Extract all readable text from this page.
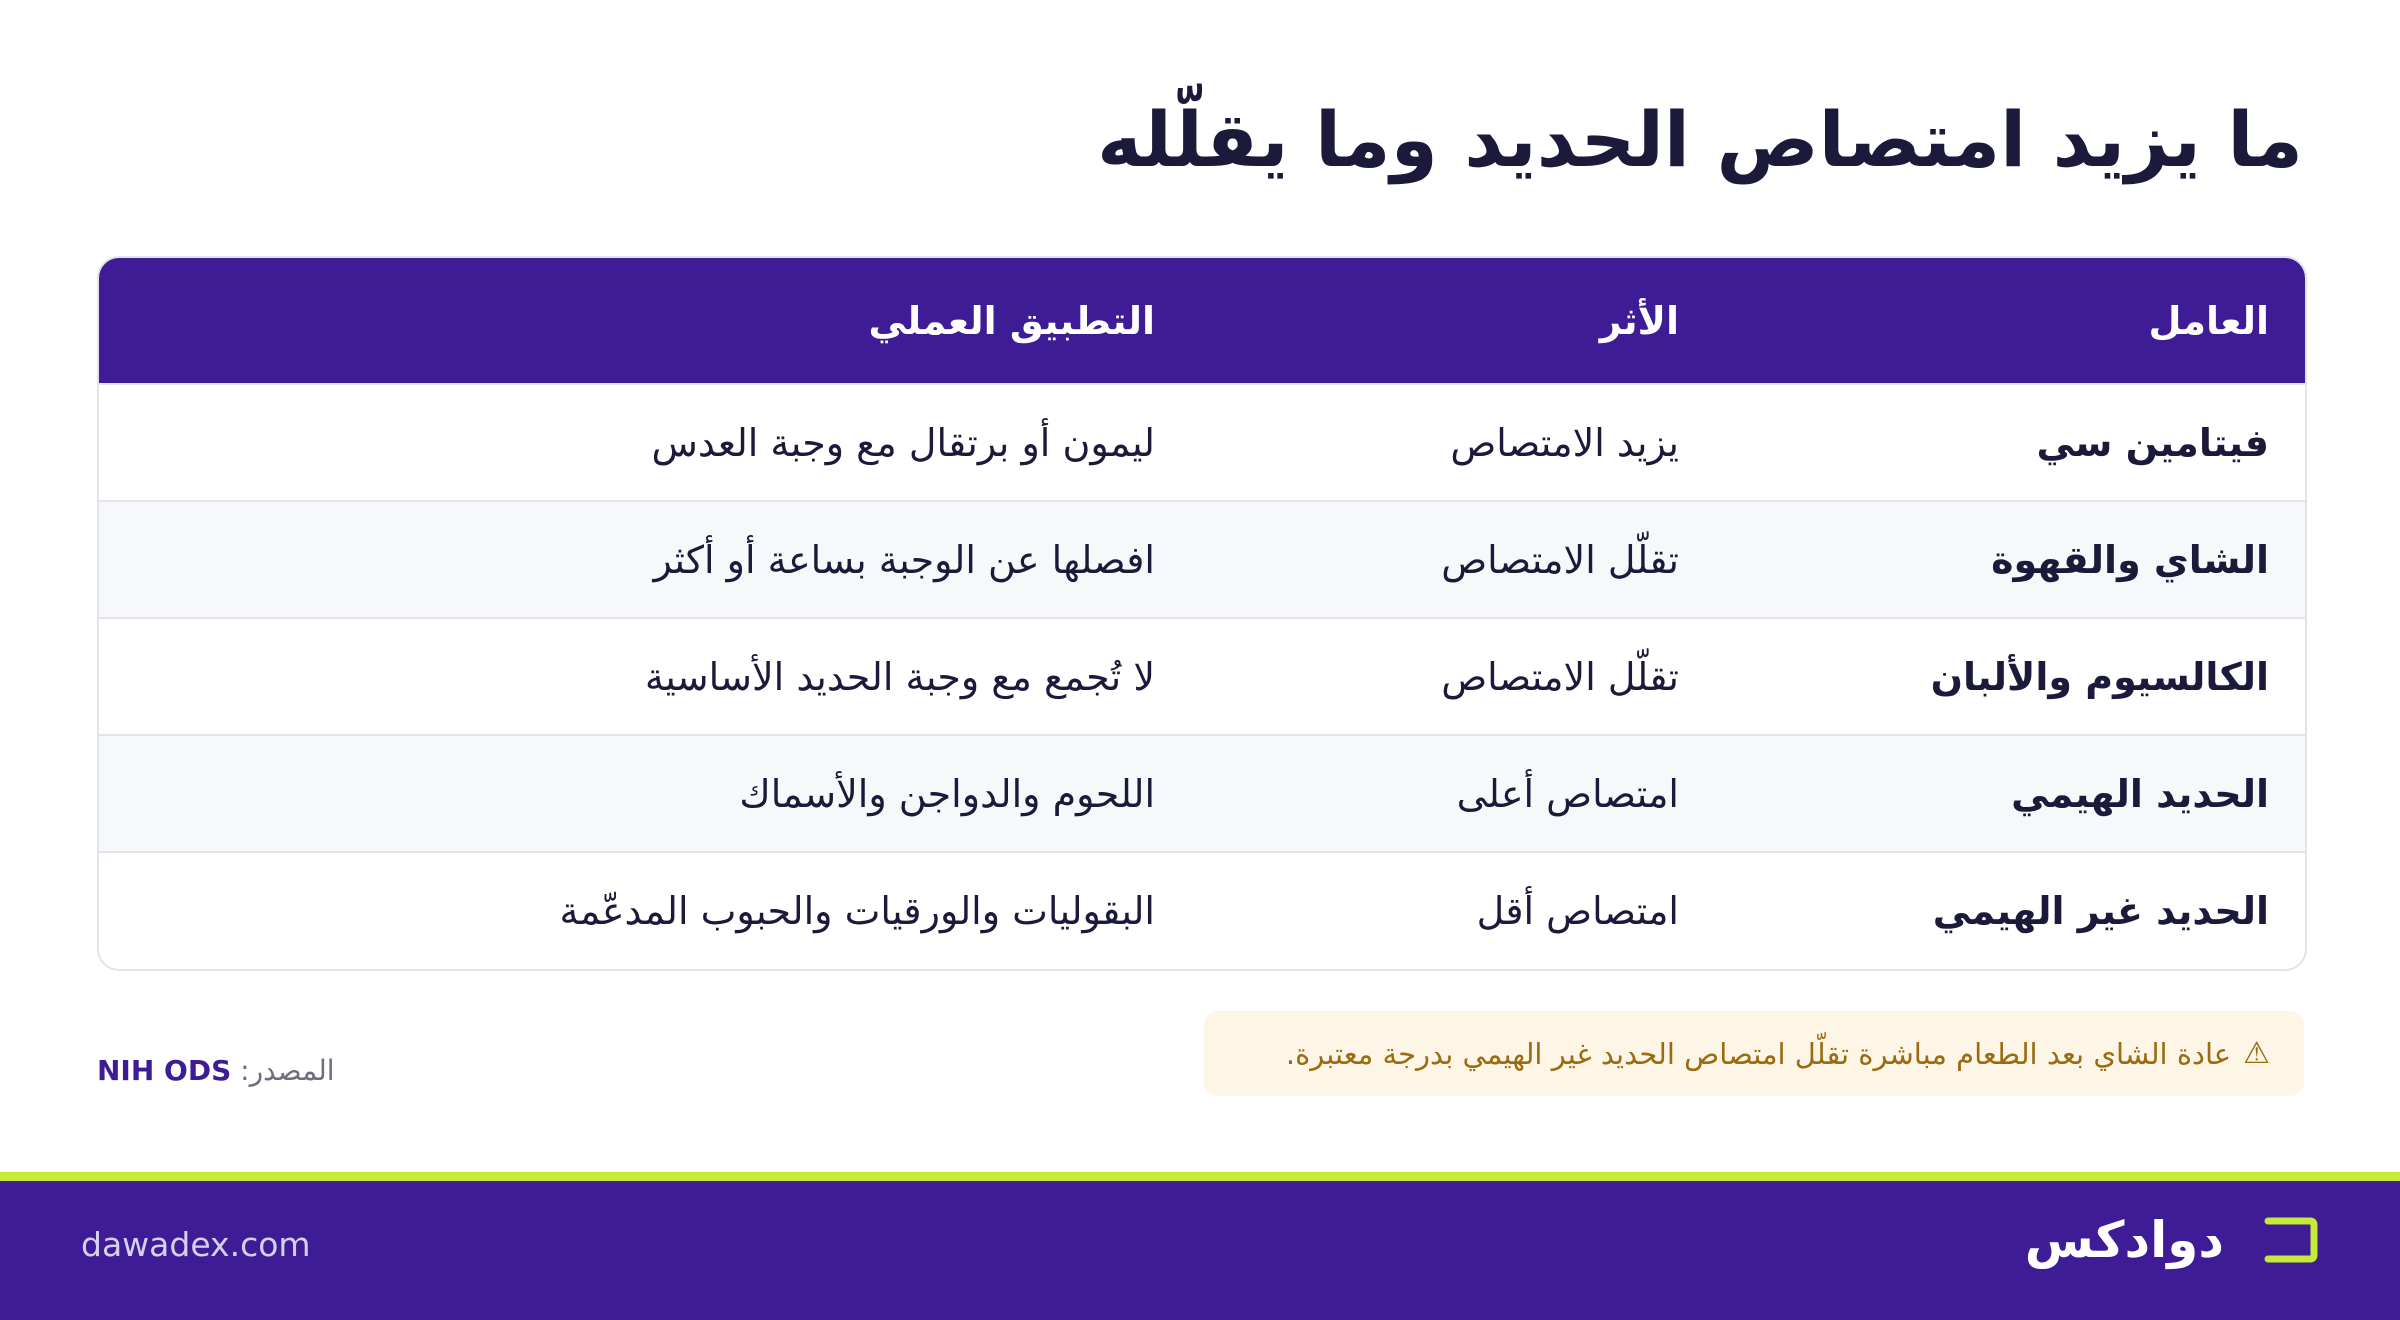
ما يزيد امتصاص الحديد وما يقلّله
العامل	الأثر	التطبيق العملي
فيتامين سي	يزيد الامتصاص	ليمون أو برتقال مع وجبة العدس
الشاي والقهوة	تقلّل الامتصاص	افصلها عن الوجبة بساعة أو أكثر
الكالسيوم والألبان	تقلّل الامتصاص	لا تُجمع مع وجبة الحديد الأساسية
الحديد الهيمي	امتصاص أعلى	اللحوم والدواجن والأسماك
الحديد غير الهيمي	امتصاص أقل	البقوليات والورقيات والحبوب المدعّمة
⚠
عادة الشاي بعد الطعام مباشرة تقلّل امتصاص الحديد غير الهيمي بدرجة معتبرة.
المصدر: NIH ODS
dawadex.com	دوادكس
